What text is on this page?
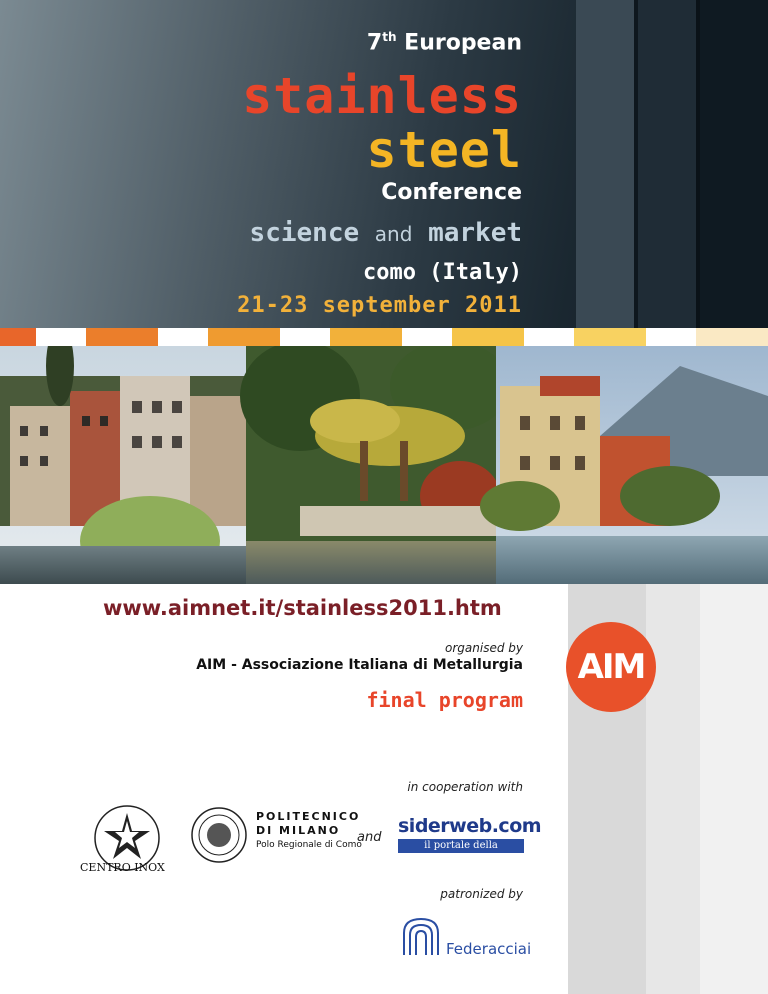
7th European
stainless
steel
Conference
science and market
como (Italy)
21-23 september 2011
www.aimnet.it/stainless2011.htm
organised by
AIM - Associazione Italiana di Metallurgia
final program
AIM
in cooperation with
CENTRO INOX
POLITECNICO
DI MILANO
Polo Regionale di Como
and
siderweb.com
il portale della siderurgia
patronized by
Federacciai
